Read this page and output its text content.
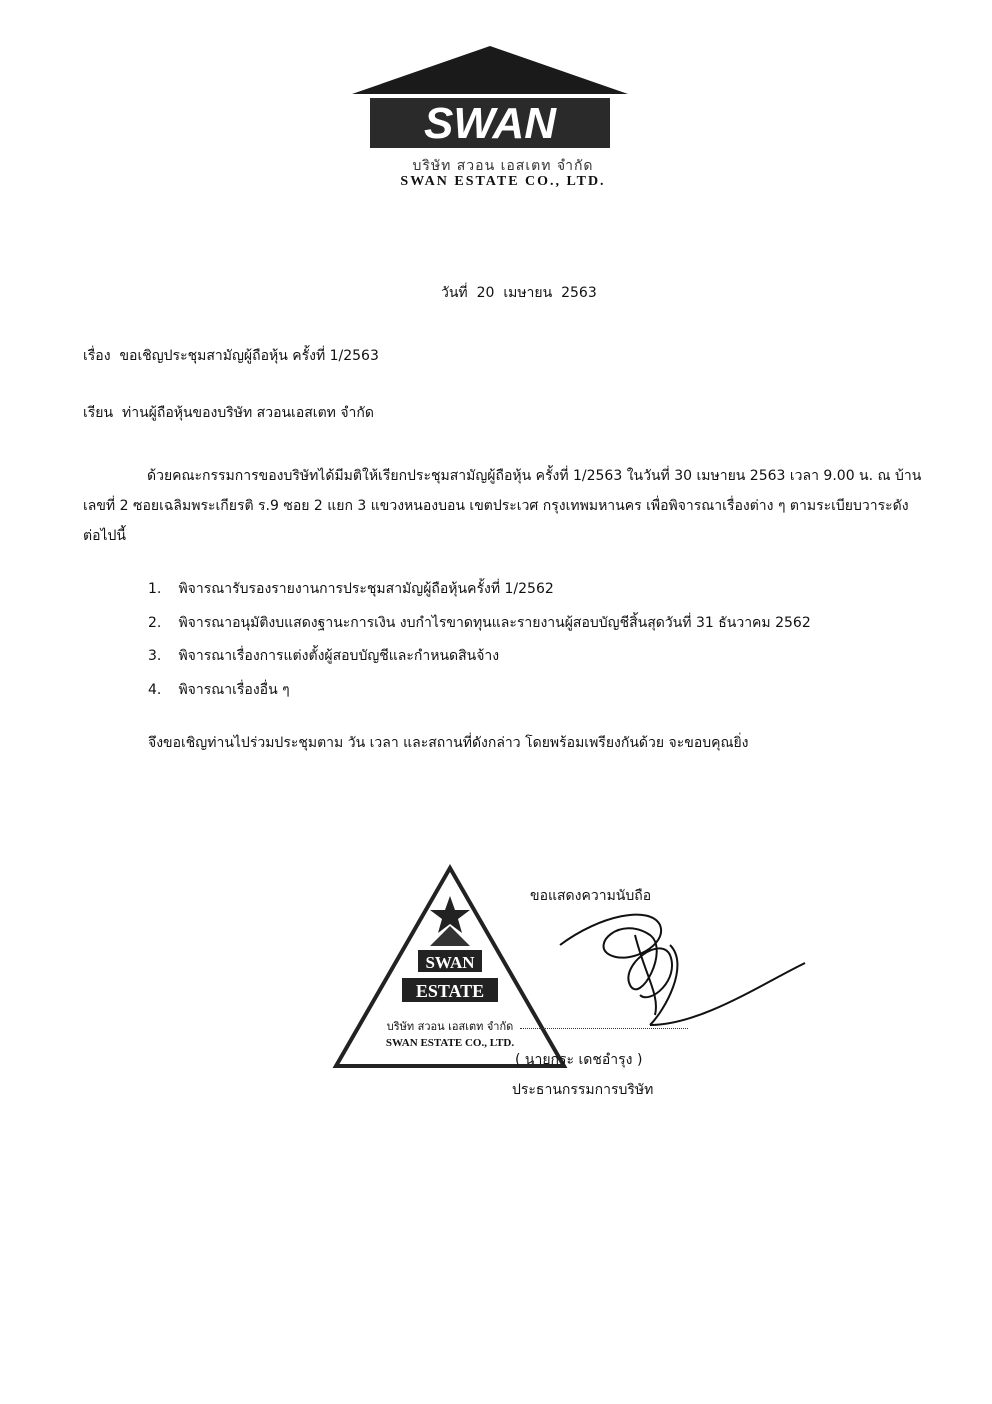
SWAN
บริษัท สวอน เอสเตท จำกัด
SWAN ESTATE CO., LTD.
วันที่ 20 เมษายน 2563
เรื่อง ขอเชิญประชุมสามัญผู้ถือหุ้น ครั้งที่ 1/2563
เรียน ท่านผู้ถือหุ้นของบริษัท สวอนเอสเตท จำกัด
ด้วยคณะกรรมการของบริษัทได้มีมติให้เรียกประชุมสามัญผู้ถือหุ้น ครั้งที่ 1/2563 ในวันที่ 30 เมษายน 2563 เวลา 9.00 น. ณ บ้านเลขที่ 2 ซอยเฉลิมพระเกียรติ ร.9 ซอย 2 แยก 3 แขวงหนองบอน เขตประเวศ กรุงเทพมหานคร เพื่อพิจารณาเรื่องต่าง ๆ ตามระเบียบวาระดังต่อไปนี้
1. พิจารณารับรองรายงานการประชุมสามัญผู้ถือหุ้นครั้งที่ 1/2562
2. พิจารณาอนุมัติงบแสดงฐานะการเงิน งบกำไรขาดทุนและรายงานผู้สอบบัญชีสิ้นสุดวันที่ 31 ธันวาคม 2562
3. พิจารณาเรื่องการแต่งตั้งผู้สอบบัญชีและกำหนดสินจ้าง
4. พิจารณาเรื่องอื่น ๆ
จึงขอเชิญท่านไปร่วมประชุมตาม วัน เวลา และสถานที่ดังกล่าว โดยพร้อมเพรียงกันด้วย จะขอบคุณยิ่ง
SWAN
ESTATE
บริษัท สวอน เอสเตท จำกัด
SWAN ESTATE CO., LTD.
ขอแสดงความนับถือ
( นายกระ เดชอำรุง )
ประธานกรรมการบริษัท
